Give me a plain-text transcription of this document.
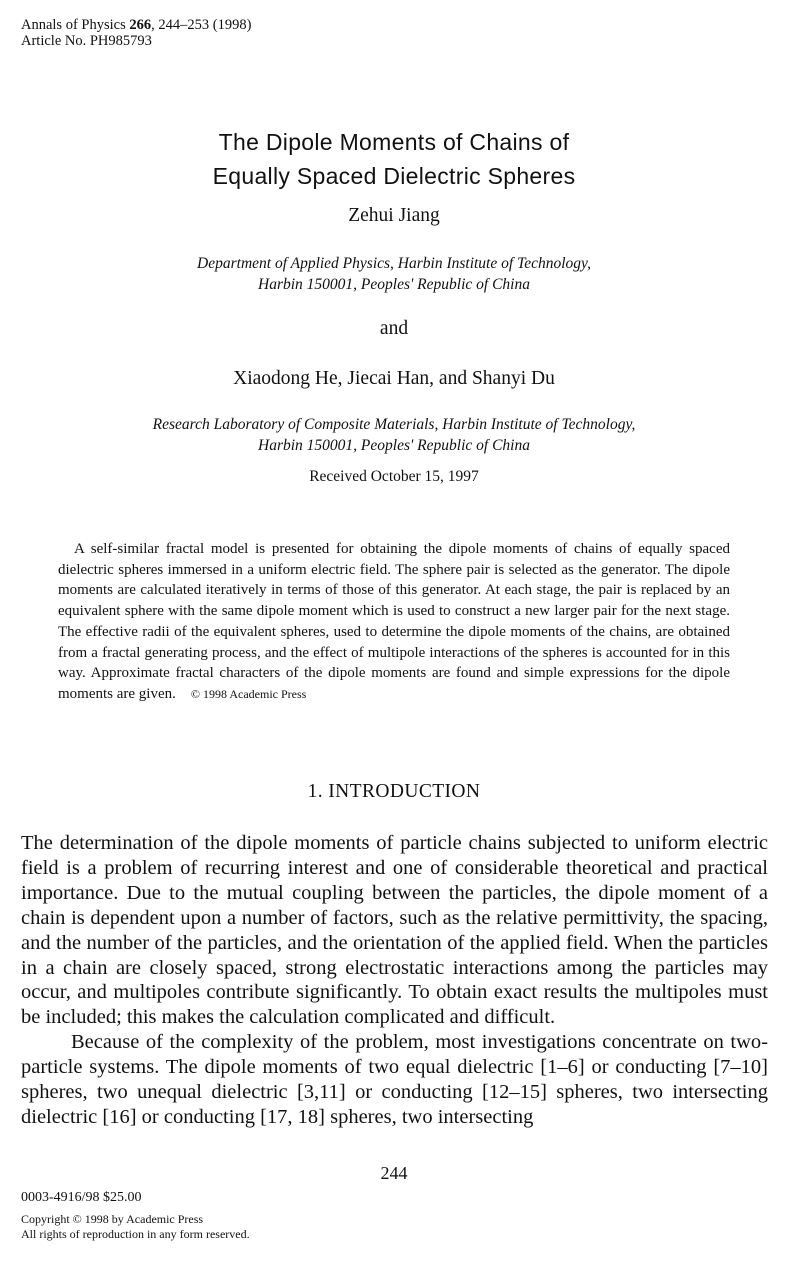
Annals of Physics 266, 244–253 (1998)
Article No. PH985793
The Dipole Moments of Chains of
Equally Spaced Dielectric Spheres
Zehui Jiang
Department of Applied Physics, Harbin Institute of Technology,
Harbin 150001, Peoples' Republic of China
and
Xiaodong He, Jiecai Han, and Shanyi Du
Research Laboratory of Composite Materials, Harbin Institute of Technology,
Harbin 150001, Peoples' Republic of China
Received October 15, 1997
A self-similar fractal model is presented for obtaining the dipole moments of chains of equally spaced dielectric spheres immersed in a uniform electric field. The sphere pair is selected as the generator. The dipole moments are calculated iteratively in terms of those of this generator. At each stage, the pair is replaced by an equivalent sphere with the same dipole moment which is used to construct a new larger pair for the next stage. The effective radii of the equivalent spheres, used to determine the dipole moments of the chains, are obtained from a fractal generating process, and the effect of multipole interactions of the spheres is accounted for in this way. Approximate fractal characters of the dipole moments are found and simple expressions for the dipole moments are given. © 1998 Academic Press
1. INTRODUCTION

The determination of the dipole moments of particle chains subjected to uniform electric field is a problem of recurring interest and one of considerable theoretical and practical importance. Due to the mutual coupling between the particles, the dipole moment of a chain is dependent upon a number of factors, such as the relative permittivity, the spacing, and the number of the particles, and the orientation of the applied field. When the particles in a chain are closely spaced, strong electrostatic interactions among the particles may occur, and multipoles contribute significantly. To obtain exact results the multipoles must be included; this makes the calculation complicated and difficult.

Because of the complexity of the problem, most investigations concentrate on two-particle systems. The dipole moments of two equal dielectric [1–6] or conducting [7–10] spheres, two unequal dielectric [3,11] or conducting [12–15] spheres, two intersecting dielectric [16] or conducting [17, 18] spheres, two intersecting

244
0003-4916/98 $25.00
Copyright © 1998 by Academic Press
All rights of reproduction in any form reserved.
